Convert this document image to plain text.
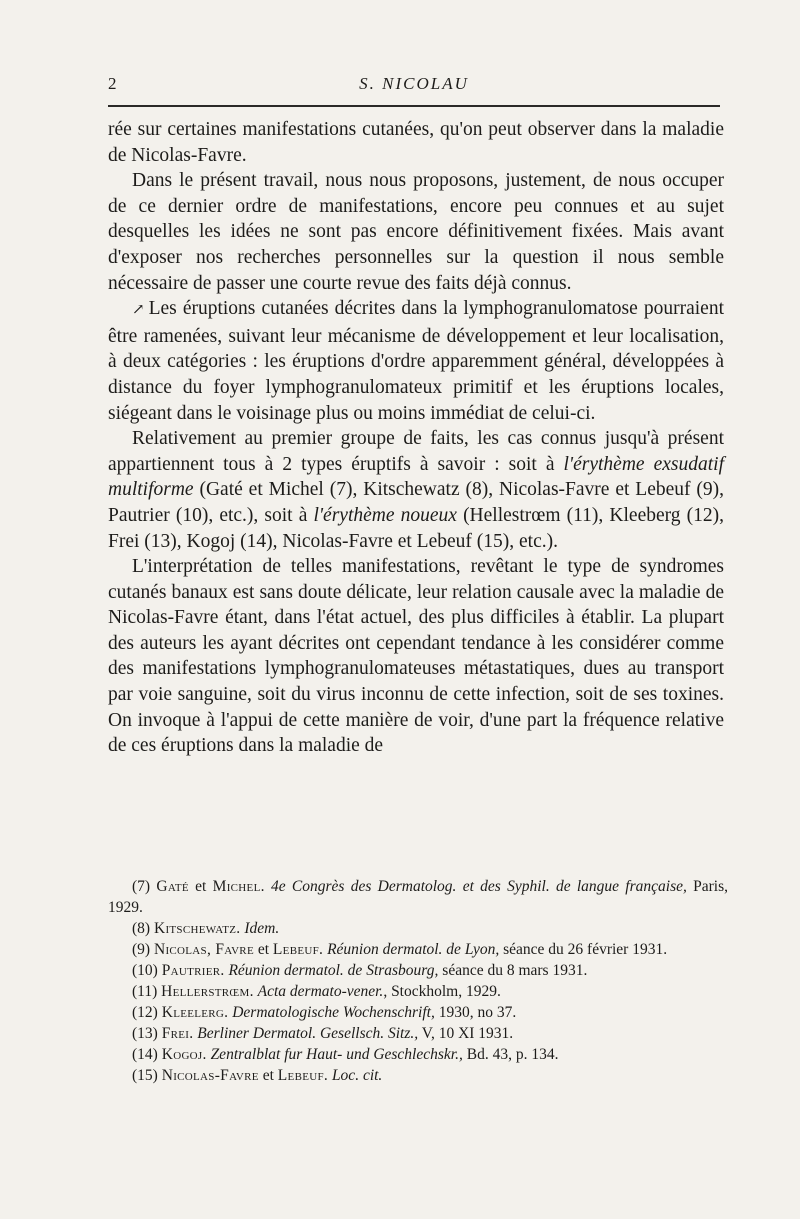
2	S. NICOLAU

rée sur certaines manifestations cutanées, qu'on peut observer dans la maladie de Nicolas-Favre.

Dans le présent travail, nous nous proposons, justement, de nous occuper de ce dernier ordre de manifestations, encore peu connues et au sujet desquelles les idées ne sont pas encore définitivement fixées. Mais avant d'exposer nos recherches personnelles sur la question il nous semble nécessaire de passer une courte revue des faits déjà connus.

↗ Les éruptions cutanées décrites dans la lymphogranulomatose pourraient être ramenées, suivant leur mécanisme de développement et leur localisation, à deux catégories : les éruptions d'ordre apparemment général, développées à distance du foyer lymphogranulomateux primitif et les éruptions locales, siégeant dans le voisinage plus ou moins immédiat de celui-ci.

Relativement au premier groupe de faits, les cas connus jusqu'à présent appartiennent tous à 2 types éruptifs à savoir : soit à l'érythème exsudatif multiforme (Gaté et Michel (7), Kitschewatz (8), Nicolas-Favre et Lebeuf (9), Pautrier (10), etc.), soit à l'érythème noueux (Hellestrœm (11), Kleeberg (12), Frei (13), Kogoj (14), Nicolas-Favre et Lebeuf (15), etc.).

L'interprétation de telles manifestations, revêtant le type de syndromes cutanés banaux est sans doute délicate, leur relation causale avec la maladie de Nicolas-Favre étant, dans l'état actuel, des plus difficiles à établir. La plupart des auteurs les ayant décrites ont cependant tendance à les considérer comme des manifestations lymphogranulomateuses métastatiques, dues au transport par voie sanguine, soit du virus inconnu de cette infection, soit de ses toxines. On invoque à l'appui de cette manière de voir, d'une part la fréquence relative de ces éruptions dans la maladie de

(7) Gaté et Michel. 4e Congrès des Dermatolog. et des Syphil. de langue française, Paris, 1929.

(8) Kitschewatz. Idem.

(9) Nicolas, Favre et Lebeuf. Réunion dermatol. de Lyon, séance du 26 février 1931.

(10) Pautrier. Réunion dermatol. de Strasbourg, séance du 8 mars 1931.

(11) Hellerstrœm. Acta dermato-vener., Stockholm, 1929.

(12) Kleelerg. Dermatologische Wochenschrift, 1930, no 37.

(13) Frei. Berliner Dermatol. Gesellsch. Sitz., V, 10 XI 1931.

(14) Kogoj. Zentralblat fur Haut- und Geschlechskr., Bd. 43, p. 134.

(15) Nicolas-Favre et Lebeuf. Loc. cit.
